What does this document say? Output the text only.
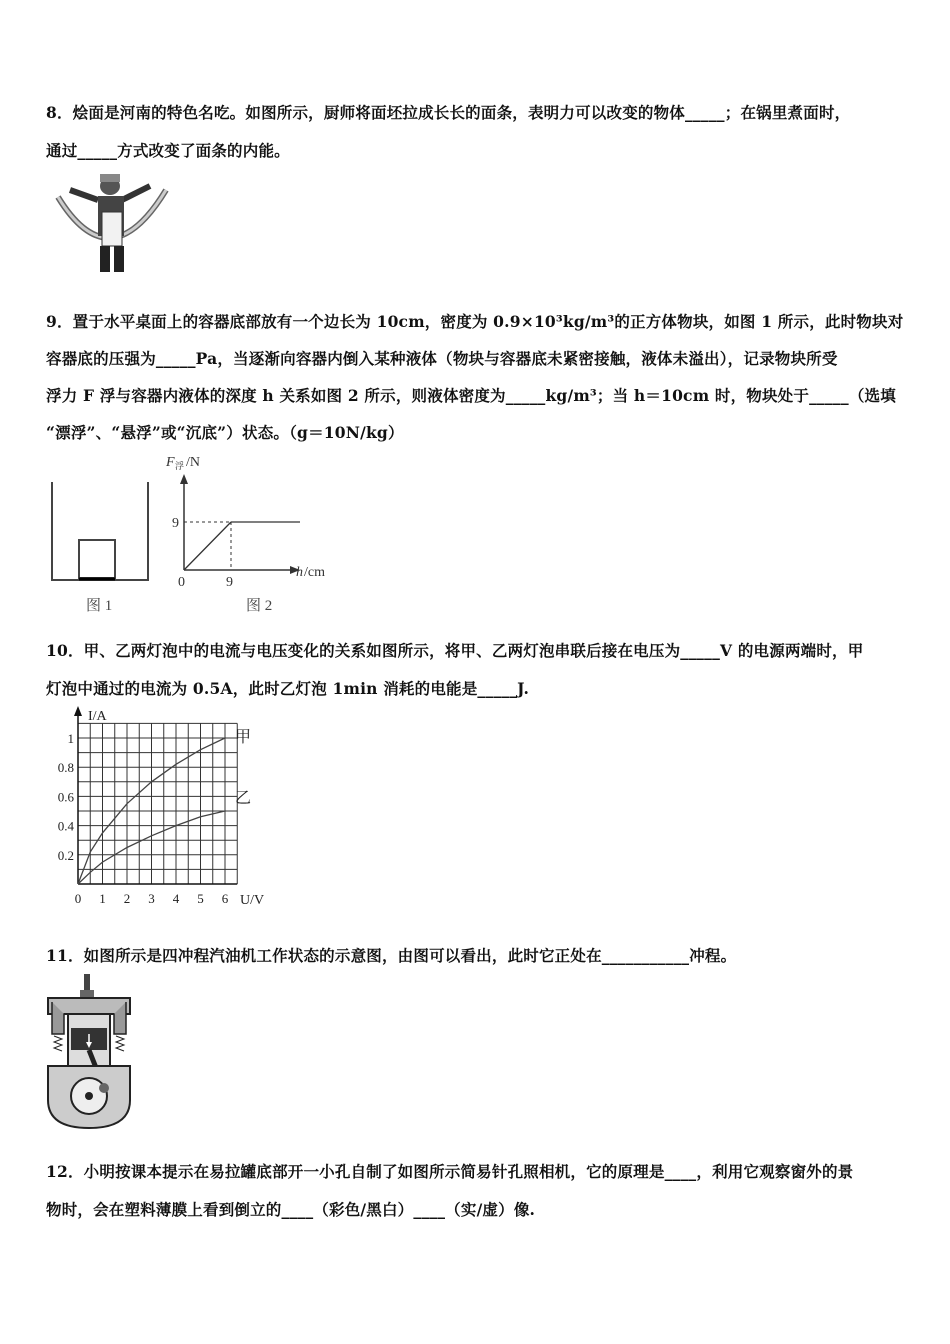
8．烩面是河南的特色名吃。如图所示，厨师将面坯拉成长长的面条，表明力可以改变的物体_____；在锅里煮面时，
通过_____方式改变了面条的内能。
9．置于水平桌面上的容器底部放有一个边长为 10cm，密度为 0.9×10³kg/m³的正方体物块，如图 1 所示，此时物块对
容器底的压强为_____Pa，当逐渐向容器内倒入某种液体（物块与容器底未紧密接触，液体未溢出），记录物块所受
浮力 F 浮与容器内液体的深度 h 关系如图 2 所示，则液体密度为_____kg/m³；当 h＝10cm 时，物块处于_____（选填
“漂浮”、“悬浮”或“沉底”）状态。（g＝10N/kg）
图 1
F 浮 /N
h /cm
0
9
9
图 2
10．甲、乙两灯泡中的电流与电压变化的关系如图所示，将甲、乙两灯泡串联后接在电压为_____V 的电源两端时，甲
灯泡中通过的电流为 0.5A，此时乙灯泡 1min 消耗的电能是_____J.
I/A
U/V
1
0.8
0.6
0.4
0.2
0 1 2 3 4 5 6
甲
乙
11．如图所示是四冲程汽油机工作状态的示意图，由图可以看出，此时它正处在___________冲程。
12．小明按课本提示在易拉罐底部开一小孔自制了如图所示简易针孔照相机，它的原理是____，利用它观察窗外的景
物时，会在塑料薄膜上看到倒立的____（彩色/黑白）____（实/虚）像.
